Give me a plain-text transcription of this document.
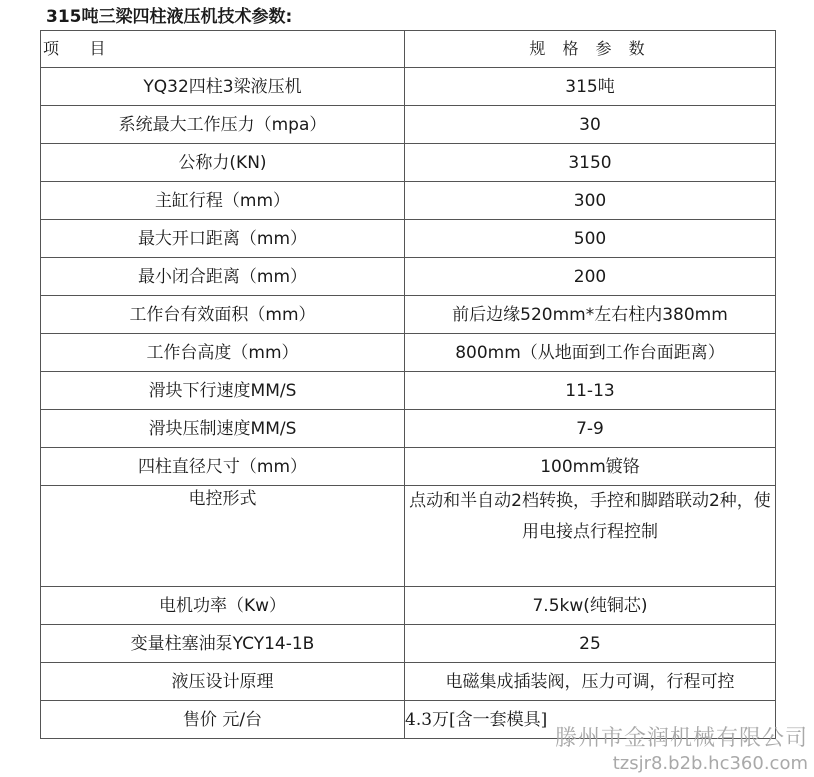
315吨三梁四柱液压机技术参数:
项      目	规 格 参 数
YQ32四柱3梁液压机	315吨
系统最大工作压力（mpa）	30
公称力(KN)	3150
主缸行程（mm）	300
最大开口距离（mm）	500
最小闭合距离（mm）	200
工作台有效面积（mm）	前后边缘520mm*左右柱内380mm
工作台高度（mm）	800mm（从地面到工作台面距离）
滑块下行速度MM/S	11-13
滑块压制速度MM/S	7-9
四柱直径尺寸（mm）	100mm镀铬
电控形式	点动和半自动2档转换，手控和脚踏联动2种，使用电接点行程控制
电机功率（Kw）	7.5kw(纯铜芯)
变量柱塞油泵YCY14-1B	25
液压设计原理	电磁集成插装阀，压力可调，行程可控
售价 元/台	4.3万[含一套模具]
滕州市金润机械有限公司
tzsjr8.b2b.hc360.com
